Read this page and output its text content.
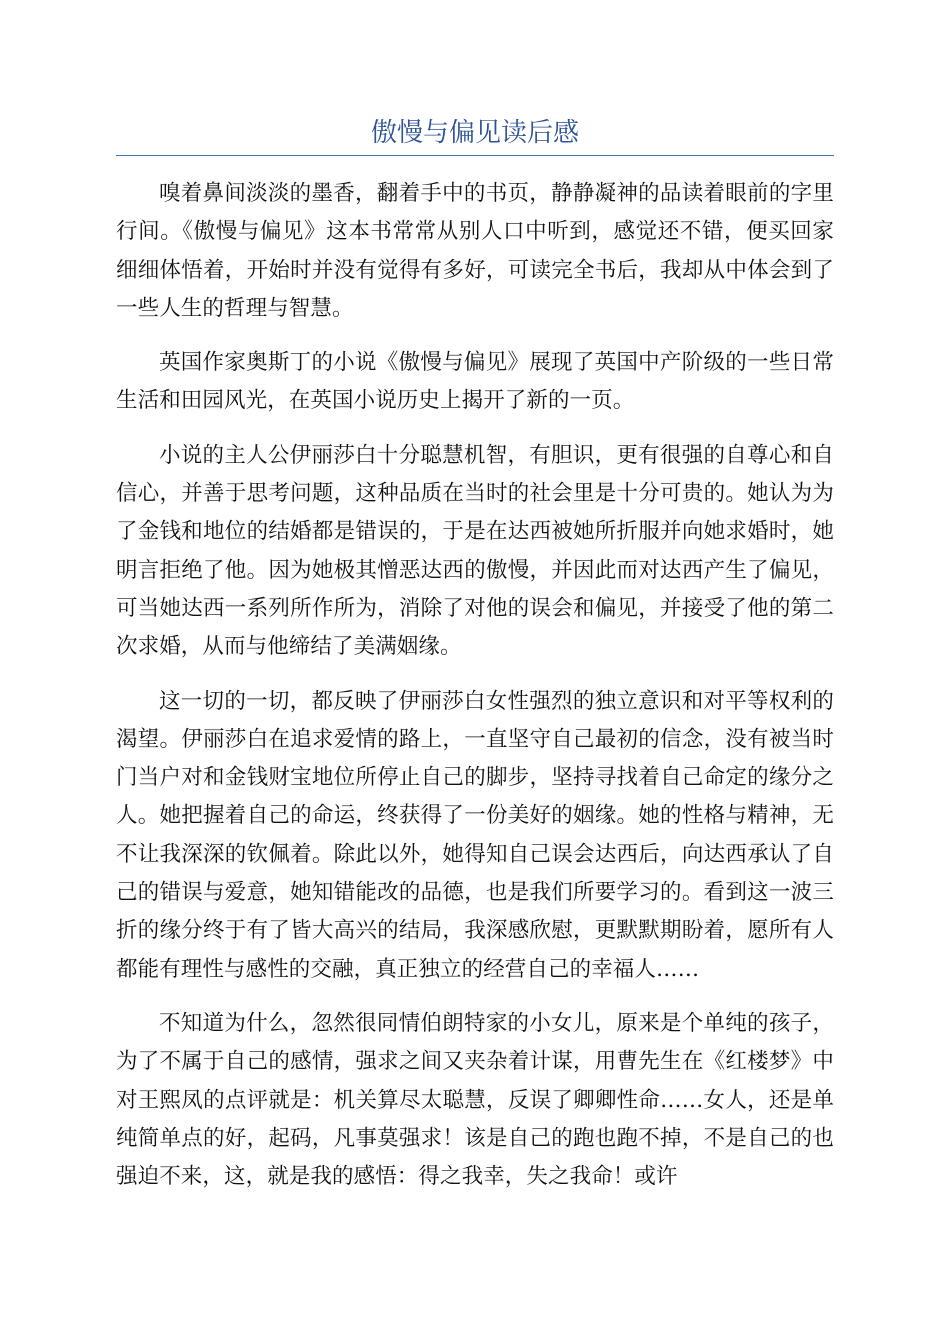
傲慢与偏见读后感

嗅着鼻间淡淡的墨香，翻着手中的书页，静静凝神的品读着眼前的字里行间。《傲慢与偏见》这本书常常从别人口中听到，感觉还不错，便买回家细细体悟着，开始时并没有觉得有多好，可读完全书后，我却从中体会到了一些人生的哲理与智慧。

英国作家奥斯丁的小说《傲慢与偏见》展现了英国中产阶级的一些日常生活和田园风光，在英国小说历史上揭开了新的一页。

小说的主人公伊丽莎白十分聪慧机智，有胆识，更有很强的自尊心和自信心，并善于思考问题，这种品质在当时的社会里是十分可贵的。她认为为了金钱和地位的结婚都是错误的，于是在达西被她所折服并向她求婚时，她明言拒绝了他。因为她极其憎恶达西的傲慢，并因此而对达西产生了偏见，可当她达西一系列所作所为，消除了对他的误会和偏见，并接受了他的第二次求婚，从而与他缔结了美满姻缘。

这一切的一切，都反映了伊丽莎白女性强烈的独立意识和对平等权利的渴望。伊丽莎白在追求爱情的路上，一直坚守自己最初的信念，没有被当时门当户对和金钱财宝地位所停止自己的脚步，坚持寻找着自己命定的缘分之人。她把握着自己的命运，终获得了一份美好的姻缘。她的性格与精神，无不让我深深的钦佩着。除此以外，她得知自己误会达西后，向达西承认了自己的错误与爱意，她知错能改的品德，也是我们所要学习的。看到这一波三折的缘分终于有了皆大高兴的结局，我深感欣慰，更默默期盼着，愿所有人都能有理性与感性的交融，真正独立的经营自己的幸福人……

不知道为什么，忽然很同情伯朗特家的小女儿，原来是个单纯的孩子，为了不属于自己的感情，强求之间又夹杂着计谋，用曹先生在《红楼梦》中对王熙凤的点评就是：机关算尽太聪慧，反误了卿卿性命……女人，还是单纯简单点的好，起码，凡事莫强求！该是自己的跑也跑不掉，不是自己的也强迫不来，这，就是我的感悟：得之我幸，失之我命！或许
